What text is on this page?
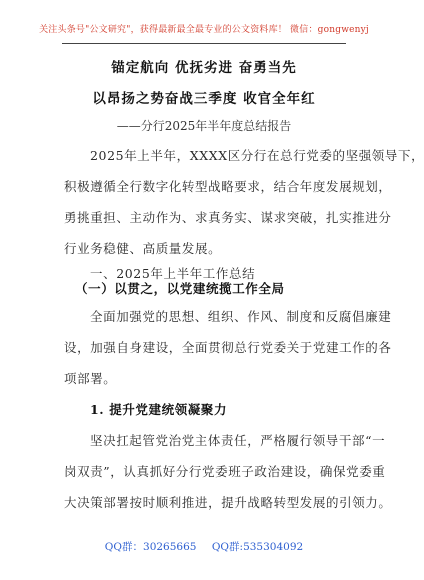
关注头条号"公文研究"，获得最新最全最专业的公文资料库！ 微信：gongwenyj
锚定航向 优抚劣进 奋勇当先
以昂扬之势奋战三季度 收官全年红
——分行2025年半年度总结报告
2025年上半年，XXXX区分行在总行党委的坚强领导下，
积极遵循全行数字化转型战略要求，结合年度发展规划，
勇挑重担、主动作为、求真务实、谋求突破，扎实推进分
行业务稳健、高质量发展。
一、2025年上半年工作总结
（一）以贯之，以党建统揽工作全局
全面加强党的思想、组织、作风、制度和反腐倡廉建
设，加强自身建设，全面贯彻总行党委关于党建工作的各
项部署。
1. 提升党建统领凝聚力
坚决扛起管党治党主体责任，严格履行领导干部“一
岗双责”，认真抓好分行党委班子政治建设，确保党委重
大决策部署按时顺利推进，提升战略转型发展的引领力。
QQ群：30265665 QQ群:535304092
